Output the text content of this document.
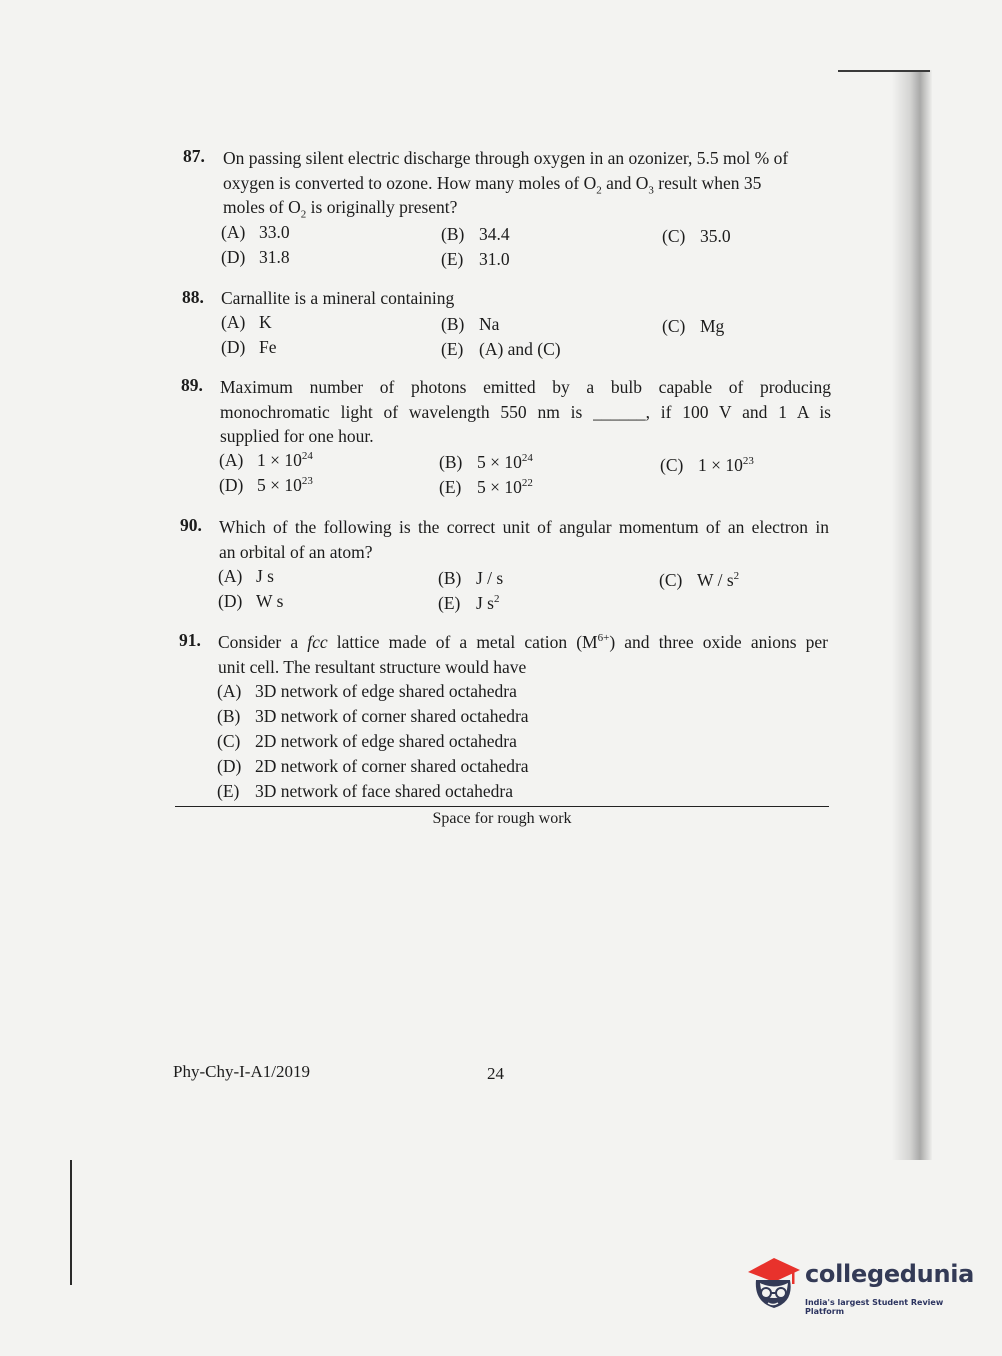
87. On passing silent electric discharge through oxygen in an ozonizer, 5.5 mol % of
oxygen is converted to ozone. How many moles of $O_2$ and $O_3$ result when 35
moles of $O_2$ is originally present?
(A) 33.0	(B) 34.4	(C) 35.0
(D) 31.8	(E) 31.0
88. Carnallite is a mineral containing
(A) K	(B) Na	(C) Mg
(D) Fe	(E) (A) and (C)
89. Maximum number of photons emitted by a bulb capable of producing
monochromatic light of wavelength 550 nm is ______, if 100 V and 1 A is
supplied for one hour.
(A) $1 \times 10^{24}$	(B) $5 \times 10^{24}$	(C) $1 \times 10^{23}$
(D) $5 \times 10^{23}$	(E) $5 \times 10^{22}$
90. Which of the following is the correct unit of angular momentum of an electron in
an orbital of an atom?
(A) J s	(B) J / s	(C) W / $s^2$
(D) W s	(E) J $s^2$
91. Consider a fcc lattice made of a metal cation $(M^{6+})$ and three oxide anions per
unit cell. The resultant structure would have
(A) 3D network of edge shared octahedra
(B) 3D network of corner shared octahedra
(C) 2D network of edge shared octahedra
(D) 2D network of corner shared octahedra
(E) 3D network of face shared octahedra
Space for rough work
Phy-Chy-I-A1/2019	24
collegedunia
India's largest Student Review Platform
